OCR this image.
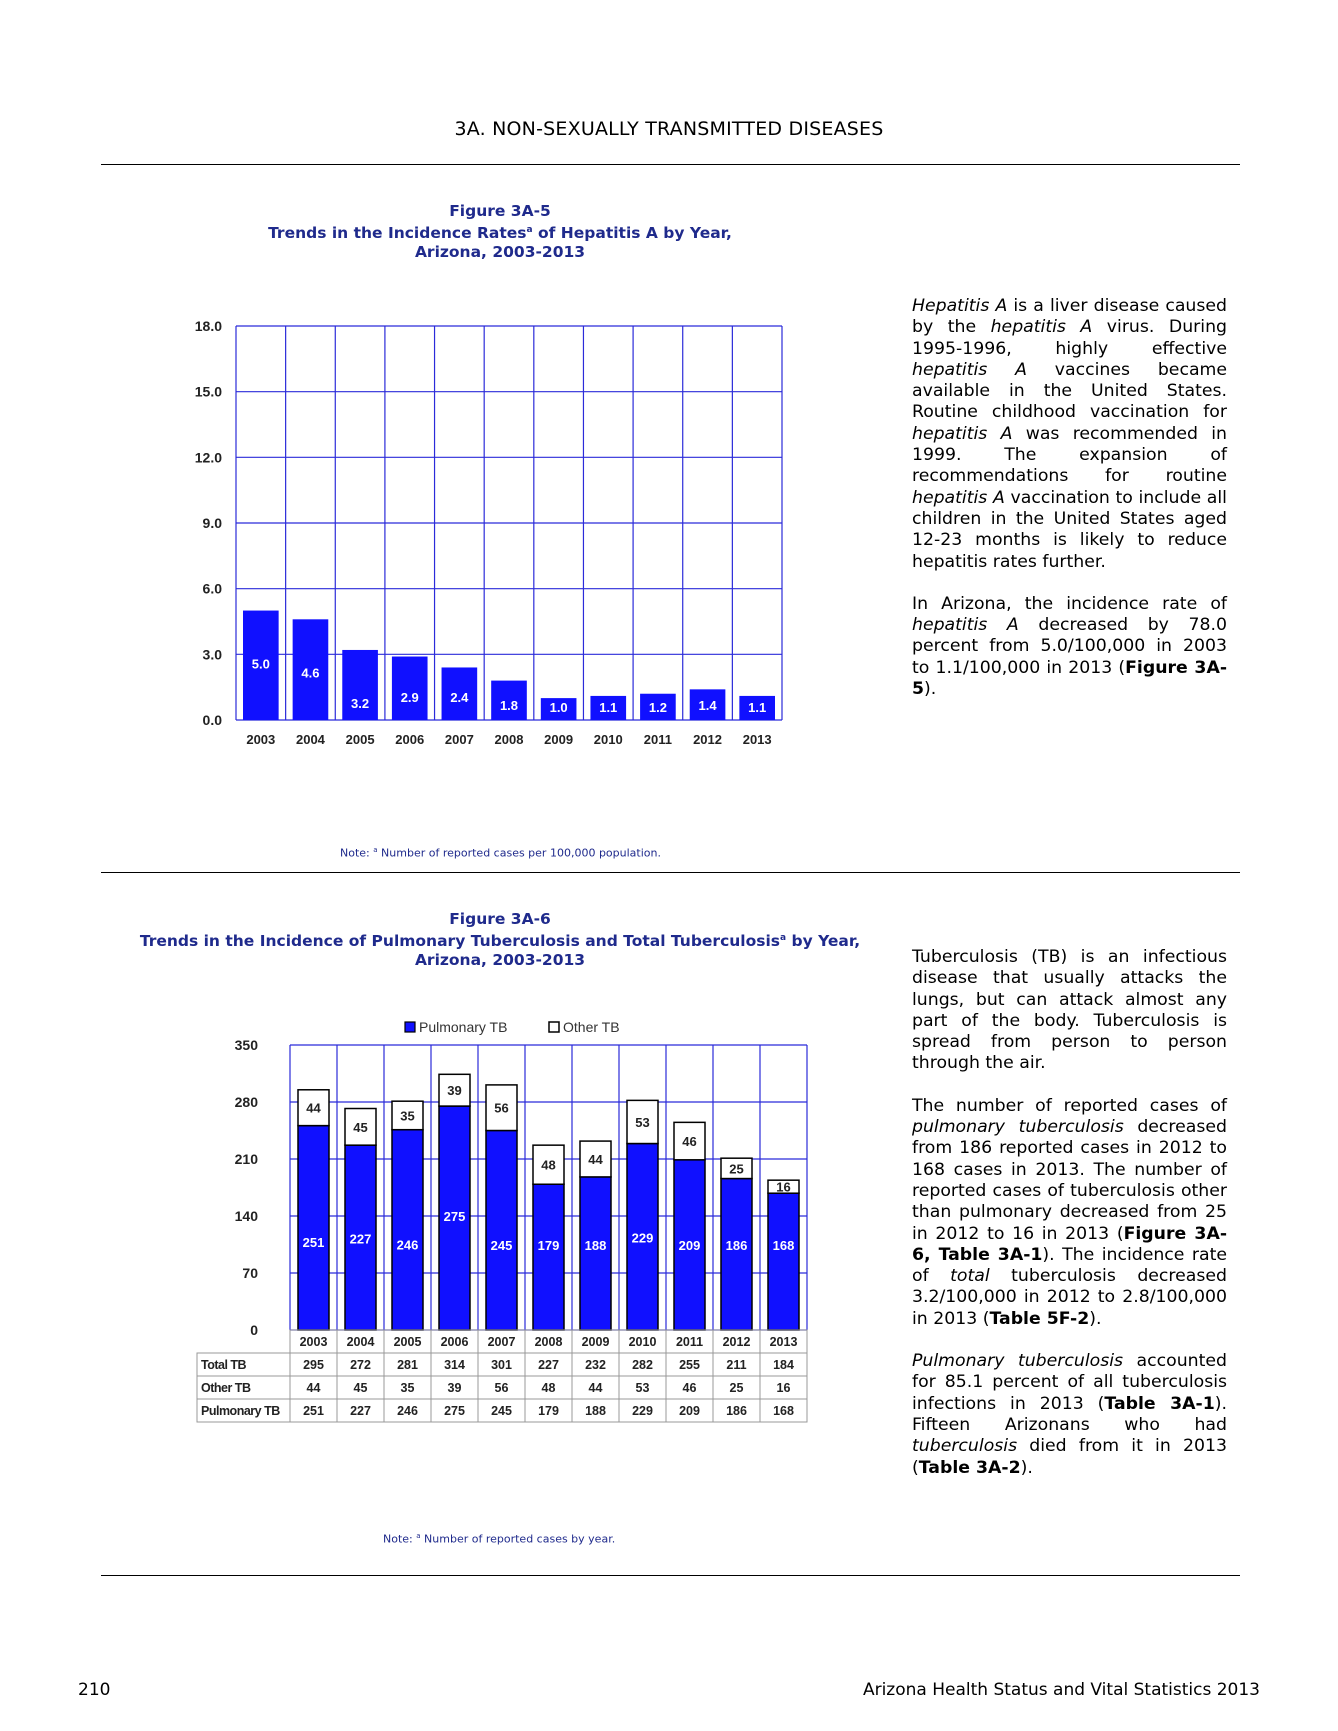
3A. NON-SEXUALLY TRANSMITTED DISEASES
Figure 3A-5
Trends in the Incidence Rates$^a$ of Hepatitis A by Year,
Arizona, 2003-2013
0.0
3.0
6.0
9.0
12.0
15.0
18.0
5.0
2003
4.6
2004
3.2
2005
2.9
2006
2.4
2007
1.8
2008
1.0
2009
1.1
2010
1.2
2011
1.4
2012
1.1
2013
Note: $^a$ Number of reported cases per 100,000 population.

Hepatitis A is a liver disease caused by the hepatitis A virus. During 1995-1996, highly effective hepatitis A vaccines became available in the United States. Routine childhood vaccination for hepatitis A was recommended in 1999. The expansion of recommendations for routine hepatitis A vaccination to include all children in the United States aged 12-23 months is likely to reduce hepatitis rates further.

In Arizona, the incidence rate of hepatitis A decreased by 78.0 percent from 5.0/100,000 in 2003 to 1.1/100,000 in 2013 (Figure 3A-5).

Figure 3A-6
Trends in the Incidence of Pulmonary Tuberculosis and Total Tuberculosis$^a$ by Year,
Arizona, 2003-2013
Pulmonary TB	Other TB
0
70
140
210
280
350
251
44
227
45
246
35
275
39
245
56
179
48
188
44
229
53
209
46
186
25
168
16
2003 2004 2005 2006 2007 2008 2009 2010 2011 2012 2013
Total TB	295 272 281 314 301 227 232 282 255 211 184
Other TB	44	45	35	39	56	48	44	53	46	25	16
Pulmonary TB 251 227 246 275 245 179 188 229 209 186 168
Note: $^a$ Number of reported cases by year.

Tuberculosis (TB) is an infectious disease that usually attacks the lungs, but can attack almost any part of the body. Tuberculosis is spread from person to person through the air.

The number of reported cases of pulmonary tuberculosis decreased from 186 reported cases in 2012 to 168 cases in 2013. The number of reported cases of tuberculosis other than pulmonary decreased from 25 in 2012 to 16 in 2013 (Figure 3A-6, Table 3A-1). The incidence rate of total tuberculosis decreased 3.2/100,000 in 2012 to 2.8/100,000 in 2013 (Table 5F-2).

Pulmonary tuberculosis accounted for 85.1 percent of all tuberculosis infections in 2013 (Table 3A-1). Fifteen Arizonans who had tuberculosis died from it in 2013 (Table 3A-2).

210	Arizona Health Status and Vital Statistics 2013
